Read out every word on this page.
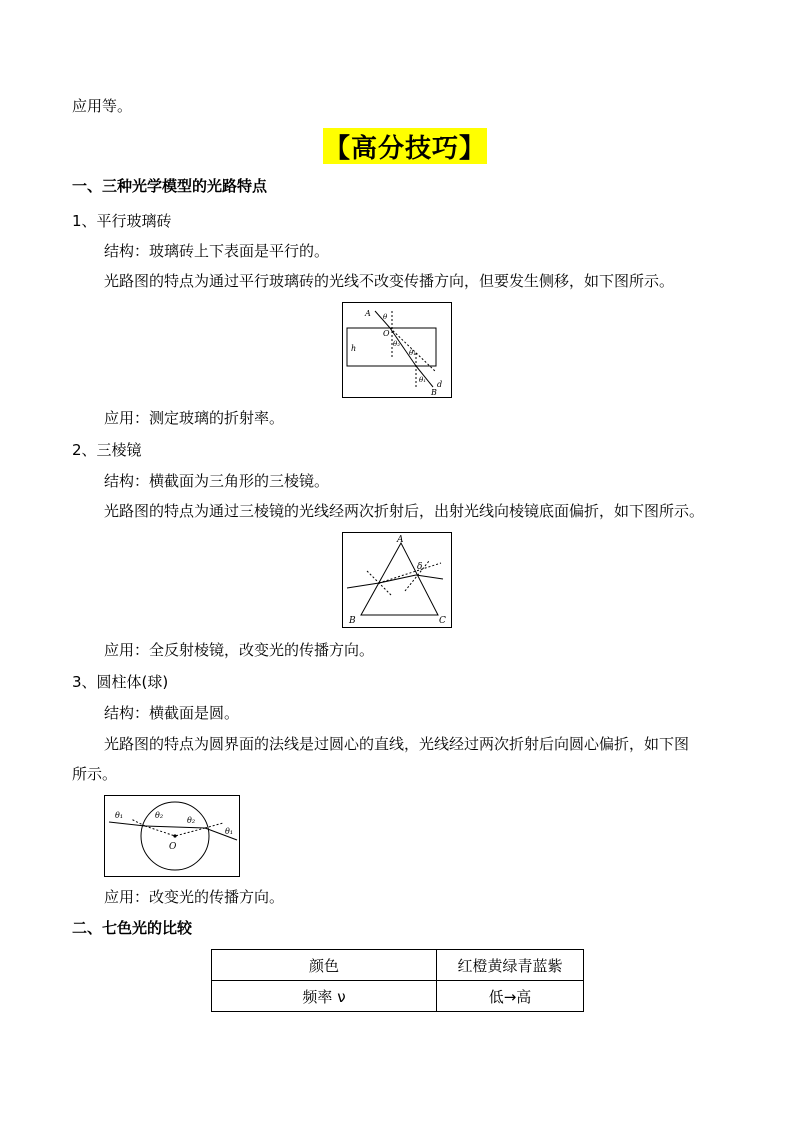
应用等。
【高分技巧】
一、三种光学模型的光路特点
1、平行玻璃砖
结构：玻璃砖上下表面是平行的。
光路图的特点为通过平行玻璃砖的光线不改变传播方向，但要发生侧移，如下图所示。
A
O
h
θ
θ₂
θ₁
θ₁ d
B
应用：测定玻璃的折射率。
2、三棱镜
结构：横截面为三角形的三棱镜。
光路图的特点为通过三棱镜的光线经两次折射后，出射光线向棱镜底面偏折，如下图所示。
A
B	C
δ
应用：全反射棱镜，改变光的传播方向。
3、圆柱体(球)
结构：横截面是圆。
光路图的特点为圆界面的法线是过圆心的直线，光线经过两次折射后向圆心偏折，如下图
所示。
θ₁	θ₂
θ₂
θ₁
O
应用：改变光的传播方向。
二、七色光的比较
颜色	红橙黄绿青蓝紫
频率 ν	低→高
